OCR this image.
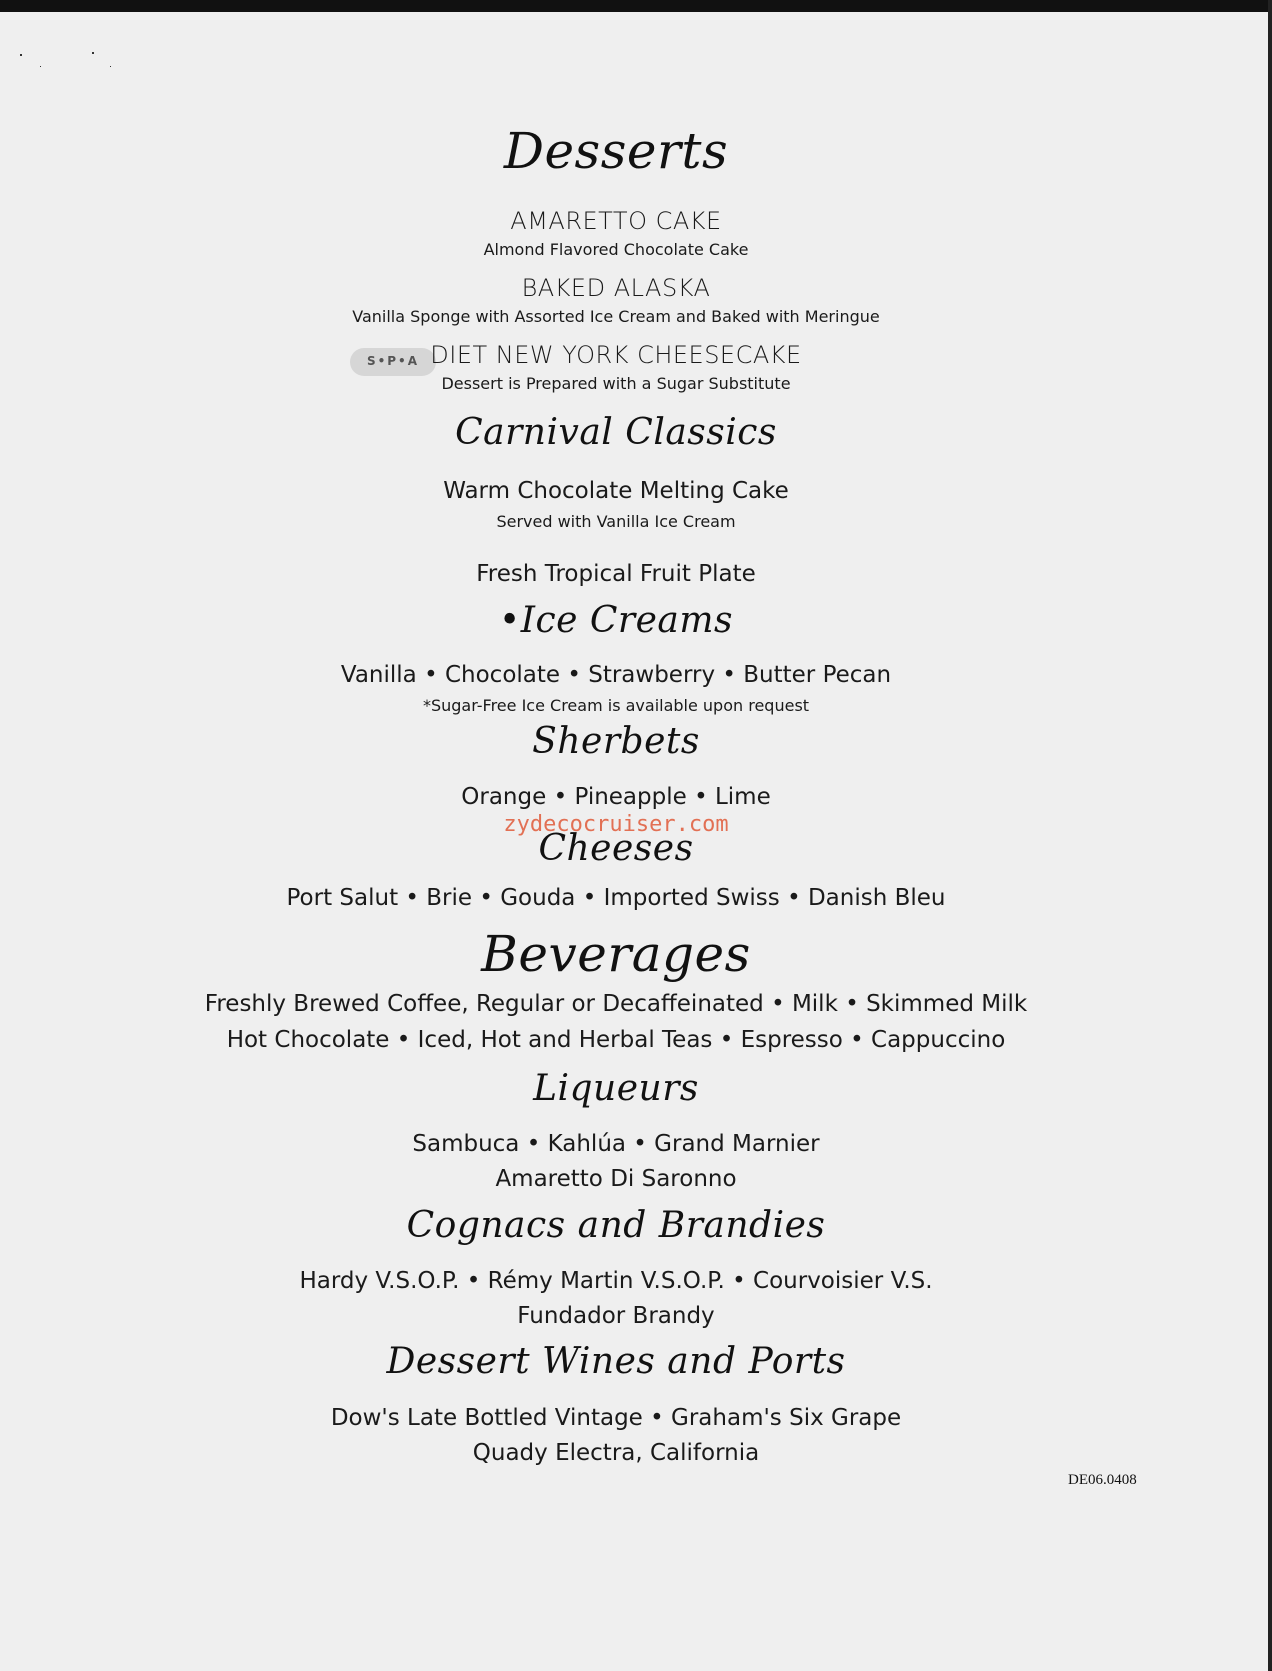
Desserts
AMARETTO CAKE
Almond Flavored Chocolate Cake
BAKED ALASKA
Vanilla Sponge with Assorted Ice Cream and Baked with Meringue
S•P•A DIET NEW YORK CHEESECAKE
Dessert is Prepared with a Sugar Substitute
Carnival Classics
Warm Chocolate Melting Cake
Served with Vanilla Ice Cream
Fresh Tropical Fruit Plate
•Ice Creams
Vanilla • Chocolate • Strawberry • Butter Pecan
*Sugar-Free Ice Cream is available upon request
Sherbets
Orange • Pineapple • Lime
Cheeses
Port Salut • Brie • Gouda • Imported Swiss • Danish Bleu
Beverages
Freshly Brewed Coffee, Regular or Decaffeinated • Milk • Skimmed Milk
Hot Chocolate • Iced, Hot and Herbal Teas • Espresso • Cappuccino
Liqueurs
Sambuca • Kahlúa • Grand Marnier
Amaretto Di Saronno
Cognacs and Brandies
Hardy V.S.O.P. • Rémy Martin V.S.O.P. • Courvoisier V.S.
Fundador Brandy
Dessert Wines and Ports
Dow's Late Bottled Vintage • Graham's Six Grape
Quady Electra, California
zydecocruiser.com
DE06.0408
